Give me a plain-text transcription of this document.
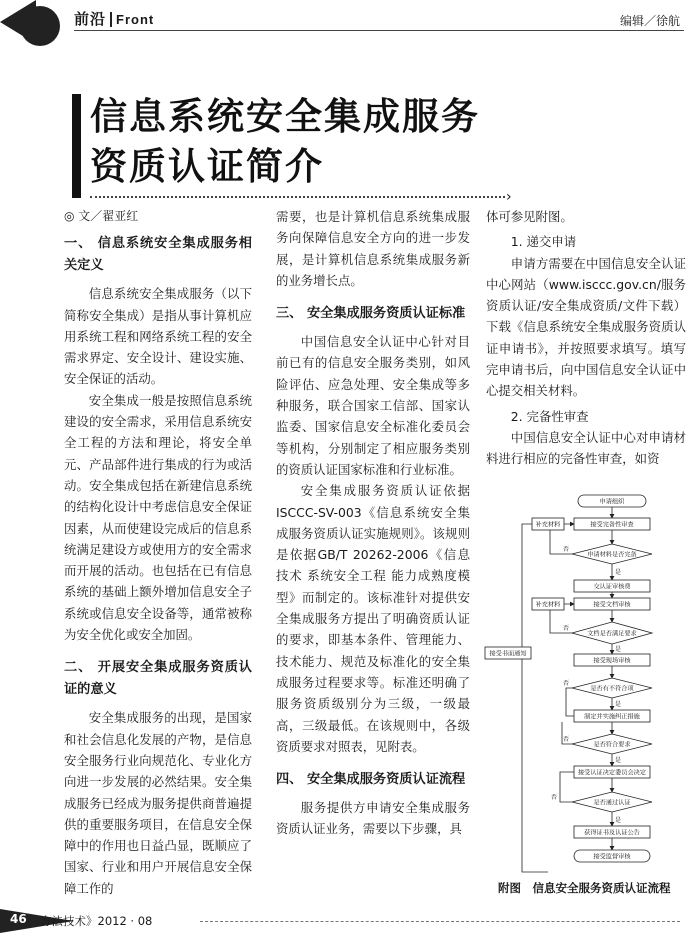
前沿 Front	编辑／徐航
信息系统安全集成服务
资质认证简介
›
◎ 文／翟亚红

一、 信息系统安全集成服务相关定义

信息系统安全集成服务（以下简称安全集成）是指从事计算机应用系统工程和网络系统工程的安全需求界定、安全设计、建设实施、安全保证的活动。

安全集成一般是按照信息系统建设的安全需求，采用信息系统安全工程的方法和理论，将安全单元、产品部件进行集成的行为或活动。安全集成包括在新建信息系统的结构化设计中考虑信息安全保证因素，从而使建设完成后的信息系统满足建设方或使用方的安全需求而开展的活动。也包括在已有信息系统的基础上额外增加信息安全子系统或信息安全设备等，通常被称为安全优化或安全加固。

二、 开展安全集成服务资质认证的意义

安全集成服务的出现，是国家和社会信息化发展的产物，是信息安全服务行业向规范化、专业化方向进一步发展的必然结果。安全集成服务已经成为服务提供商普遍提供的重要服务项目，在信息安全保障中的作用也日益凸显，既顺应了国家、行业和用户开展信息安全保障工作的

需要，也是计算机信息系统集成服务向保障信息安全方向的进一步发展，是计算机信息系统集成服务新的业务增长点。

三、 安全集成服务资质认证标准

中国信息安全认证中心针对目前已有的信息安全服务类别，如风险评估、应急处理、安全集成等多种服务，联合国家工信部、国家认监委、国家信息安全标准化委员会等机构，分别制定了相应服务类别的资质认证国家标准和行业标准。

安全集成服务资质认证依据ISCCC-SV-003《信息系统安全集成服务资质认证实施规则》。该规则是依据GB/T 20262-2006《信息技术 系统安全工程 能力成熟度模型》而制定的。该标准针对提供安全集成服务方提出了明确资质认证的要求，即基本条件、管理能力、技术能力、规范及标准化的安全集成服务过程要求等。标准还明确了服务资质级别分为三级，一级最高，三级最低。在该规则中，各级资质要求对照表，见附表。

四、 安全集成服务资质认证流程

服务提供方申请安全集成服务资质认证业务，需要以下步骤，具

体可参见附图。

1. 递交申请

申请方需要在中国信息安全认证中心网站（www.isccc.gov.cn/服务资质认证/安全集成资质/文件下载）下载《信息系统安全集成服务资质认证申请书》，并按照要求填写。填写完申请书后，向中国信息安全认证中心提交相关材料。

2. 完备性审查

中国信息安全认证中心对申请材料进行相应的完备性审查，如资

申请组织
接受完备性审查
申请材料是否完备
交认证审核费
接受文档审核
文档是否满足要求
接受现场审核
是否有不符合项
制定并实施纠正措施
是否符合要求
接受认证决定委员会决定
是否通过认证
获得证书及认证公告
接受监督审核
补充材料
补充材料
接受书面通知
否
是
否
是
否
是
否
是
否
是
附图　信息安全服务资质认证流程
46 方法技术》2012 · 08
